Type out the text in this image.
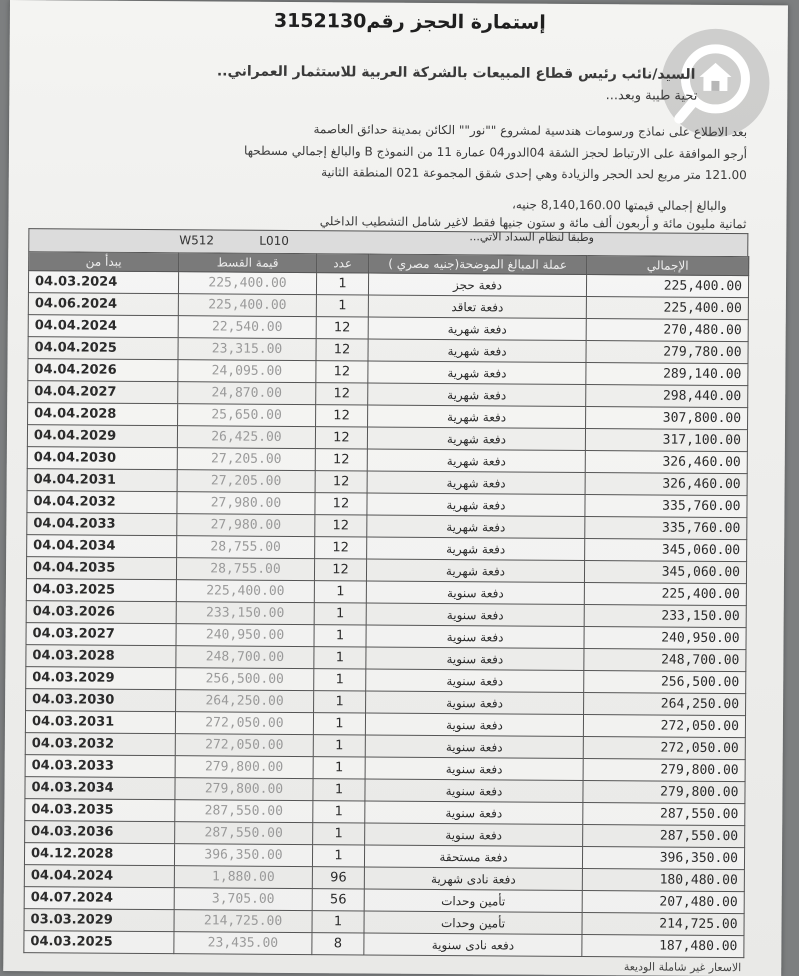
إستمارة الحجز رقم3152130
السيد/نائب رئيس قطاع المبيعات بالشركة العربية للاستثمار العمراني..
تحية طيبة وبعد...
بعد الاطلاع على نماذج ورسومات هندسية لمشروع ""نور"" الكائن بمدينة حدائق العاصمة
أرجو الموافقة على الارتباط لحجز الشقة 04الدور04 عمارة 11 من النموذج B والبالغ إجمالي مسطحها
121.00 متر مربع لحد الحجر والزيادة وهي إحدى شقق المجموعة 021 المنطقة الثانية
والبالغ إجمالي قيمتها 8,140,160.00 جنيه،
ثمانية مليون مائة و أربعون ألف مائة و ستون جنيها فقط لاغير شامل التشطيب الداخلي
W512	L010	وطبقا لنظام السداد الاتي...
يبدأ من	قيمة القسط	عدد	عملة المبالغ الموضحة(جنيه مصري )	الإجمالي
04.03.2024	225,400.00	1	دفعة حجز	225,400.00
04.06.2024	225,400.00	1	دفعة تعاقد	225,400.00
04.04.2024	22,540.00	12	دفعة شهرية	270,480.00
04.04.2025	23,315.00	12	دفعة شهرية	279,780.00
04.04.2026	24,095.00	12	دفعة شهرية	289,140.00
04.04.2027	24,870.00	12	دفعة شهرية	298,440.00
04.04.2028	25,650.00	12	دفعة شهرية	307,800.00
04.04.2029	26,425.00	12	دفعة شهرية	317,100.00
04.04.2030	27,205.00	12	دفعة شهرية	326,460.00
04.04.2031	27,205.00	12	دفعة شهرية	326,460.00
04.04.2032	27,980.00	12	دفعة شهرية	335,760.00
04.04.2033	27,980.00	12	دفعة شهرية	335,760.00
04.04.2034	28,755.00	12	دفعة شهرية	345,060.00
04.04.2035	28,755.00	12	دفعة شهرية	345,060.00
04.03.2025	225,400.00	1	دفعة سنوية	225,400.00
04.03.2026	233,150.00	1	دفعة سنوية	233,150.00
04.03.2027	240,950.00	1	دفعة سنوية	240,950.00
04.03.2028	248,700.00	1	دفعة سنوية	248,700.00
04.03.2029	256,500.00	1	دفعة سنوية	256,500.00
04.03.2030	264,250.00	1	دفعة سنوية	264,250.00
04.03.2031	272,050.00	1	دفعة سنوية	272,050.00
04.03.2032	272,050.00	1	دفعة سنوية	272,050.00
04.03.2033	279,800.00	1	دفعة سنوية	279,800.00
04.03.2034	279,800.00	1	دفعة سنوية	279,800.00
04.03.2035	287,550.00	1	دفعة سنوية	287,550.00
04.03.2036	287,550.00	1	دفعة سنوية	287,550.00
04.12.2028	396,350.00	1	دفعة مستحقة	396,350.00
04.04.2024	1,880.00	96	دفعة نادى شهرية	180,480.00
04.07.2024	3,705.00	56	تأمين وحدات	207,480.00
03.03.2029	214,725.00	1	تأمين وحدات	214,725.00
04.03.2025	23,435.00	8	دفعه نادى سنوية	187,480.00
الاسعار غير شاملة الوديعة
